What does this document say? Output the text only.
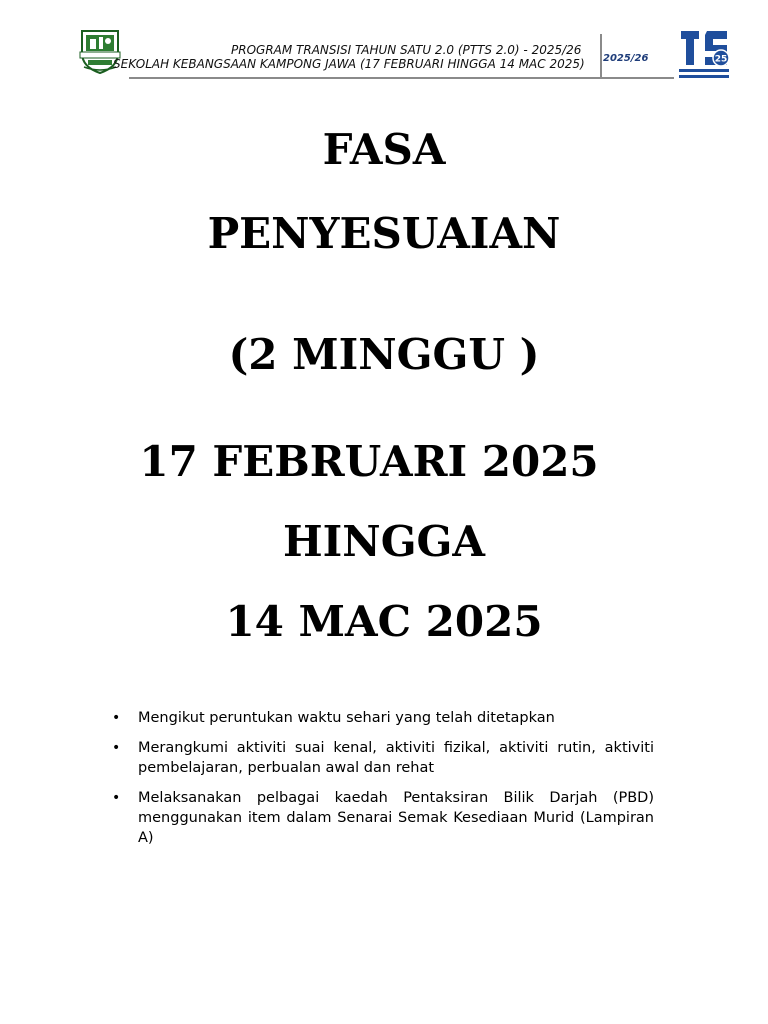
PROGRAM TRANSISI TAHUN SATU 2.0 (PTTS 2.0) - 2025/26
SEKOLAH KEBANGSAAN KAMPONG JAWA (17 FEBRUARI HINGGA 14 MAC 2025) 2025/26	25
FASA
PENYESUAIAN
(2 MINGGU )
17 FEBRUARI 2025
HINGGA
14 MAC 2025
• Mengikut peruntukan waktu sehari yang telah ditetapkan
• Merangkumi aktiviti suai kenal, aktiviti fizikal, aktiviti rutin, aktiviti pembelajaran, perbualan awal dan rehat
• Melaksanakan pelbagai kaedah Pentaksiran Bilik Darjah (PBD) menggunakan item dalam Senarai Semak Kesediaan Murid (Lampiran A)
